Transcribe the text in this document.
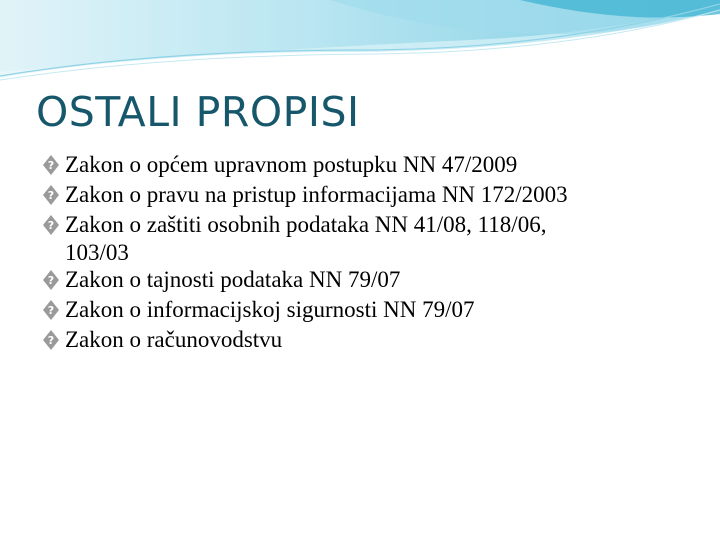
OSTALI PROPISI
? Zakon o općem upravnom postupku NN 47/2009
? Zakon o pravu na pristup informacijama NN 172/2003
? Zakon o zaštiti osobnih podataka NN 41/08, 118/06,
103/03
? Zakon o tajnosti podataka NN 79/07
? Zakon o informacijskoj sigurnosti NN 79/07
? Zakon o računovodstvu
